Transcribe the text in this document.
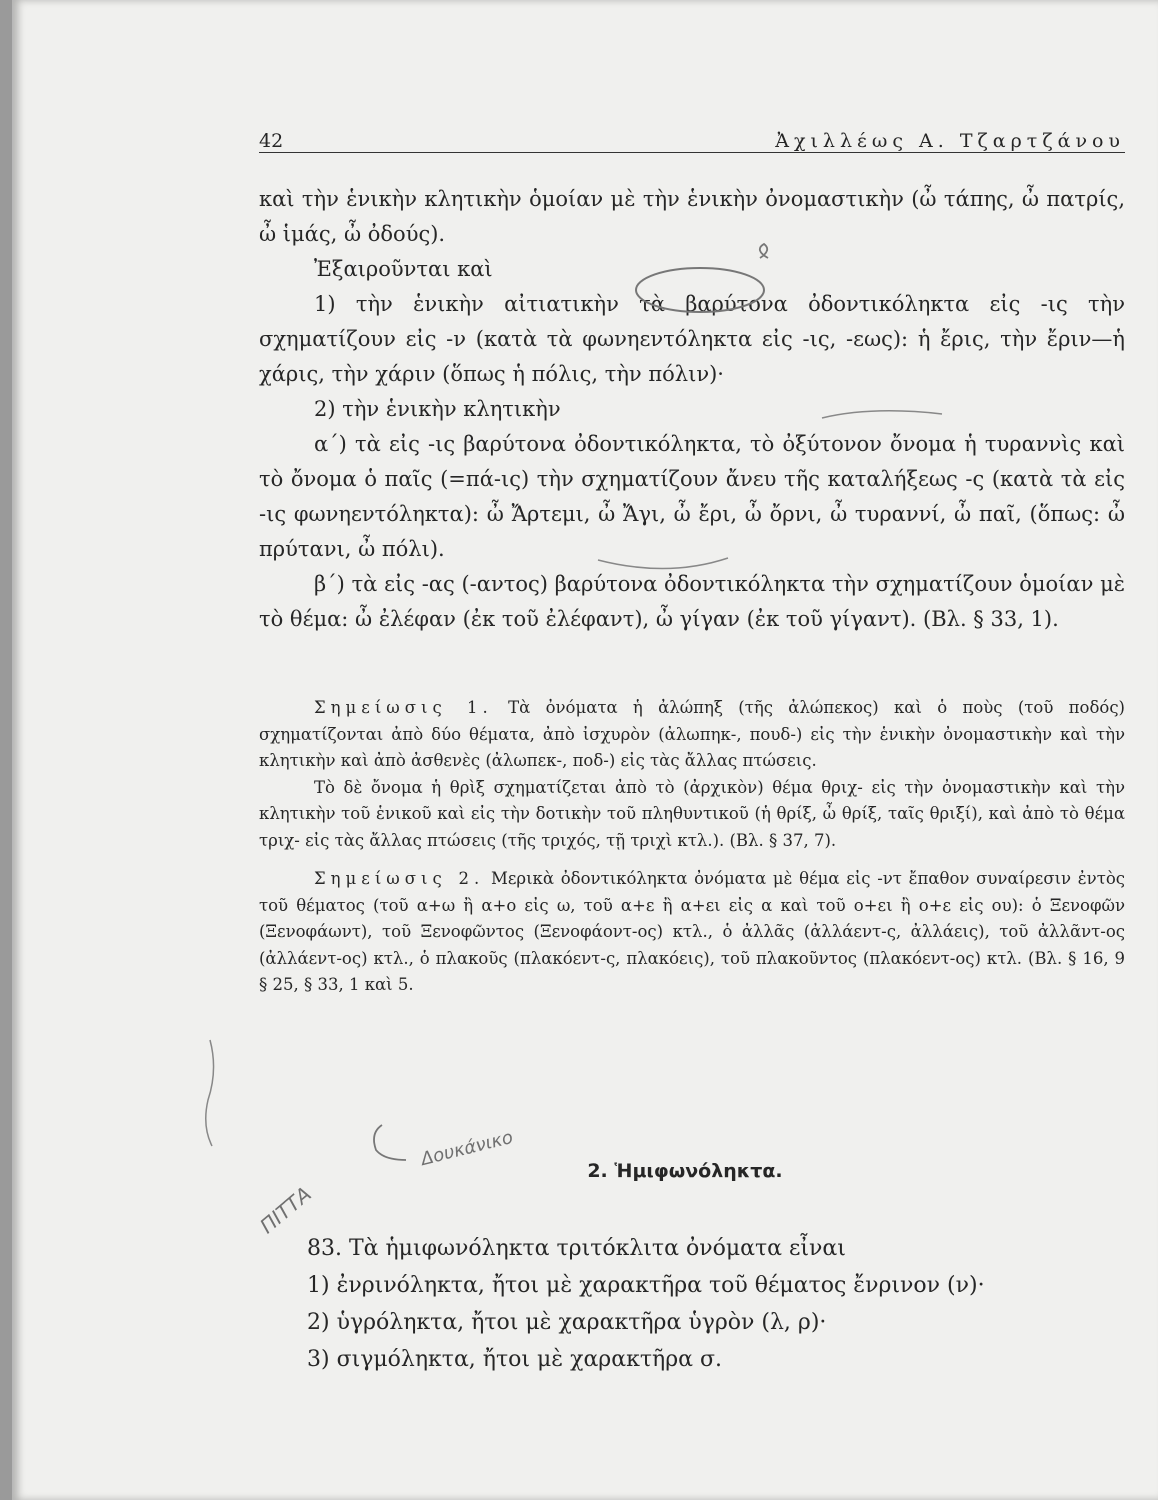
42	Ἀχιλλέως Α. Τζαρτζάνου

καὶ τὴν ἑνικὴν κλητικὴν ὁμοίαν μὲ τὴν ἑνικὴν ὀνομαστικὴν (ὦ τάπης, ὦ πατρίς, ὦ ἱμάς, ὦ ὀδούς).

Ἐξαιροῦνται καὶ

1) τὴν ἑνικὴν αἰτιατικὴν τὰ βαρύτονα ὀδοντικόληκτα εἰς -ις τὴν σχηματίζουν εἰς -ν (κατὰ τὰ φωνηεντόληκτα εἰς -ις, -εως): ἡ ἔρις, τὴν ἔριν—ἡ χάρις, τὴν χάριν (ὅπως ἡ πόλις, τὴν πόλιν)·

2) τὴν ἑνικὴν κλητικὴν

α΄) τὰ εἰς -ις βαρύτονα ὀδοντικόληκτα, τὸ ὀξύτονον ὄνομα ἡ τυραννὶς καὶ τὸ ὄνομα ὁ παῖς (=πά-ις) τὴν σχηματίζουν ἄνευ τῆς καταλήξεως -ς (κατὰ τὰ εἰς -ις φωνηεντόληκτα): ὦ Ἄρτεμι, ὦ Ἄγι, ὦ ἔρι, ὦ ὄρνι, ὦ τυραννί, ὦ παῖ, (ὅπως: ὦ πρύτανι, ὦ πόλι).

β΄) τὰ εἰς -ας (-αντος) βαρύτονα ὀδοντικόληκτα τὴν σχηματίζουν ὁμοίαν μὲ τὸ θέμα: ὦ ἐλέφαν (ἐκ τοῦ ἐλέφαντ), ὦ γίγαν (ἐκ τοῦ γίγαντ). (Βλ. § 33, 1).

Σημείωσις 1. Τὰ ὀνόματα ἡ ἀλώπηξ (τῆς ἀλώπεκος) καὶ ὁ ποὺς (τοῦ ποδός) σχηματίζονται ἀπὸ δύο θέματα, ἀπὸ ἰσχυρὸν (ἀλωπηκ-, πουδ-) εἰς τὴν ἑνικὴν ὀνομαστικὴν καὶ τὴν κλητικὴν καὶ ἀπὸ ἀσθενὲς (ἀλωπεκ-, ποδ-) εἰς τὰς ἄλλας πτώσεις.

Τὸ δὲ ὄνομα ἡ θρὶξ σχηματίζεται ἀπὸ τὸ (ἀρχικὸν) θέμα θριχ- εἰς τὴν ὀνομαστικὴν καὶ τὴν κλητικὴν τοῦ ἑνικοῦ καὶ εἰς τὴν δοτικὴν τοῦ πληθυντικοῦ (ἡ θρίξ, ὦ θρίξ, ταῖς θριξί), καὶ ἀπὸ τὸ θέμα τριχ- εἰς τὰς ἄλλας πτώσεις (τῆς τριχός, τῇ τριχὶ κτλ.). (Βλ. § 37, 7).

Σημείωσις 2. Μερικὰ ὀδοντικόληκτα ὀνόματα μὲ θέμα εἰς -ντ ἔπαθον συναίρεσιν ἐντὸς τοῦ θέματος (τοῦ α+ω ἢ α+ο εἰς ω, τοῦ α+ε ἢ α+ει εἰς α καὶ τοῦ ο+ει ἢ ο+ε εἰς ου): ὁ Ξενοφῶν (Ξενοφάωντ), τοῦ Ξενοφῶντος (Ξενοφάοντ-ος) κτλ., ὁ ἀλλᾶς (ἀλλάεντ-ς, ἀλλάεις), τοῦ ἀλλᾶντ-ος (ἀλλάεντ-ος) κτλ., ὁ πλακοῦς (πλακόεντ-ς, πλακόεις), τοῦ πλακοῦντος (πλακόεντ-ος) κτλ. (Βλ. § 16, 9 § 25, § 33, 1 καὶ 5.

2. Ἡμιφωνόληκτα.

83. Τὰ ἡμιφωνόληκτα τριτόκλιτα ὀνόματα εἶναι

1) ἐνρινόληκτα, ἤτοι μὲ χαρακτῆρα τοῦ θέματος ἔνρινον (ν)·

2) ὑγρόληκτα, ἤτοι μὲ χαρακτῆρα ὑγρὸν (λ, ρ)·

3) σιγμόληκτα, ἤτοι μὲ χαρακτῆρα σ.

Δουκάνικο
ΠΙΤΤΑ
